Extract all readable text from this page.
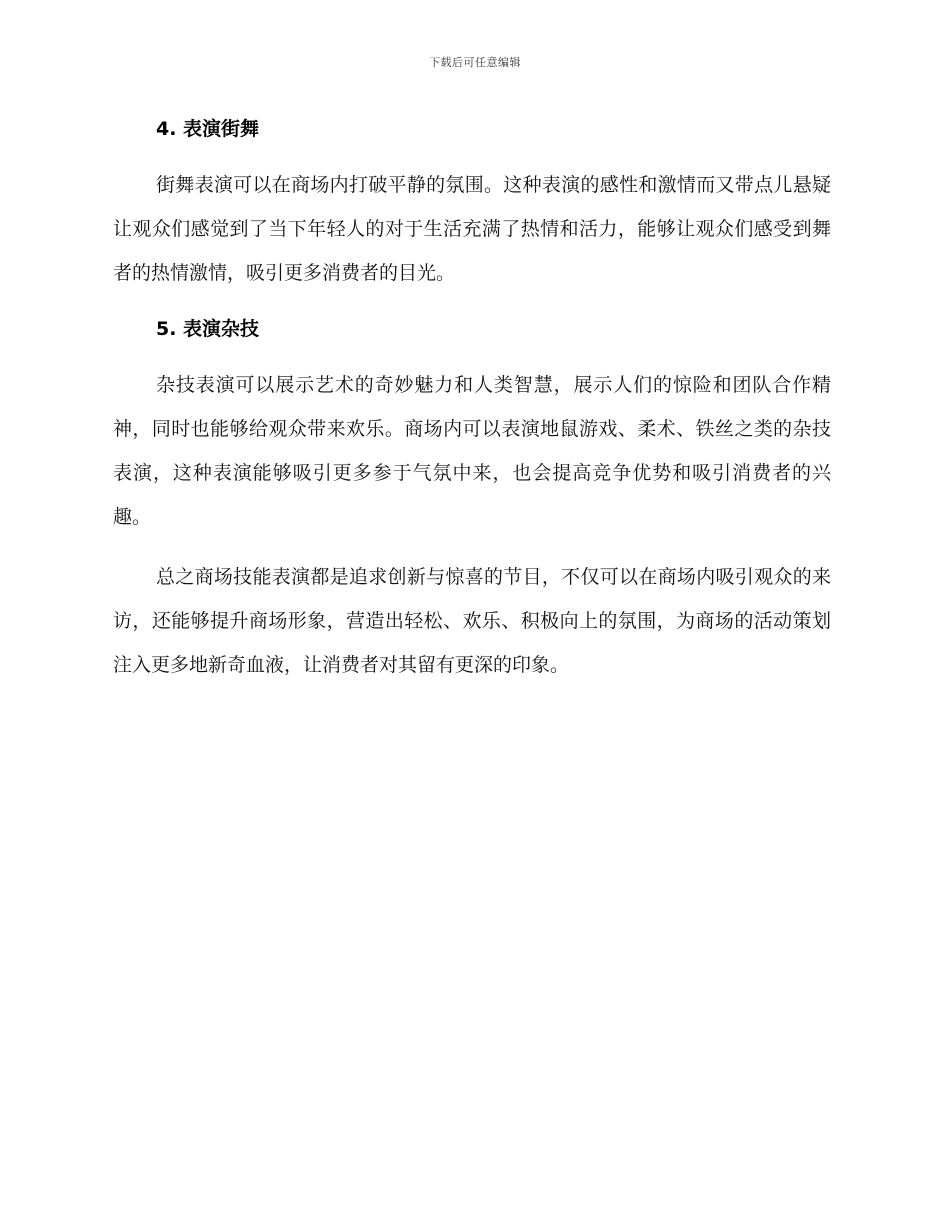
下载后可任意编辑
4. 表演街舞

街舞表演可以在商场内打破平静的氛围。这种表演的感性和激情而又带点儿悬疑让观众们感觉到了当下年轻人的对于生活充满了热情和活力，能够让观众们感受到舞者的热情激情，吸引更多消费者的目光。

5. 表演杂技

杂技表演可以展示艺术的奇妙魅力和人类智慧，展示人们的惊险和团队合作精神，同时也能够给观众带来欢乐。商场内可以表演地鼠游戏、柔术、铁丝之类的杂技表演，这种表演能够吸引更多参于气氛中来，也会提高竞争优势和吸引消费者的兴趣。

总之商场技能表演都是追求创新与惊喜的节目，不仅可以在商场内吸引观众的来访，还能够提升商场形象，营造出轻松、欢乐、积极向上的氛围，为商场的活动策划注入更多地新奇血液，让消费者对其留有更深的印象。
